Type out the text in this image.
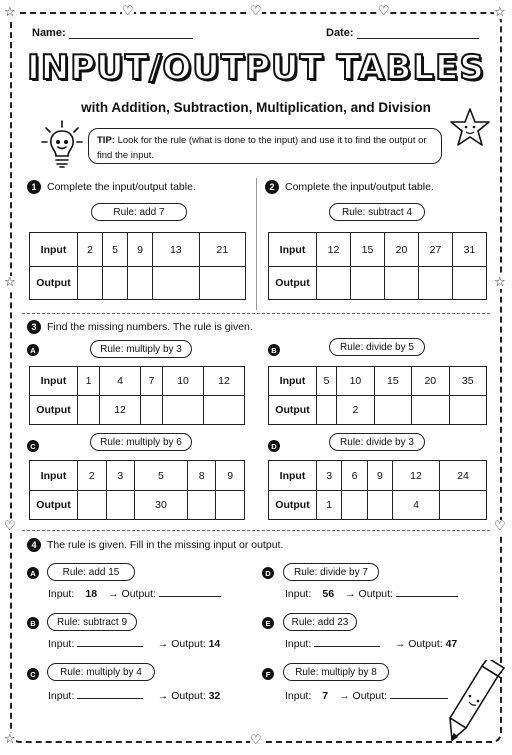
☆	☆
♡	♡	♡
☆	☆
♡	♡
☆	♡
Name:	Date:
INPUT/OUTPUT TABLES
with Addition, Subtraction, Multiplication, and Division
TIP: Look for the rule (what is done to the input) and use it to find the output or find the input.
1	Complete the input/output table.
Rule: add 7
Input	2	5	9	13	21
Output					
2	Complete the input/output table.
Rule: subtract 4
Input	12	15	20	27	31
Output					
3	Find the missing numbers. The rule is given.
A	Rule: multiply by 3
Input	1	4	7	10	12
Output		12			
B	Rule: divide by 5
Input	5	10	15	20	35
Output		2			
C	Rule: multiply by 6
Input	2	3	5	8	9
Output			30		
D	Rule: divide by 3
Input	3	6	9	12	24
Output	1			4	
4	The rule is given. Fill in the missing input or output.
A	Rule: add 15
Input: 18 → Output:
D	Rule: divide by 7
Input: 56 → Output:
B	Rule: subtract 9
Input:	→ Output: 14
E	Rule: add 23
Input:	→ Output: 47
C	Rule: multiply by 4
Input:	→ Output: 32
F	Rule: multiply by 8
Input: 7 → Output:
